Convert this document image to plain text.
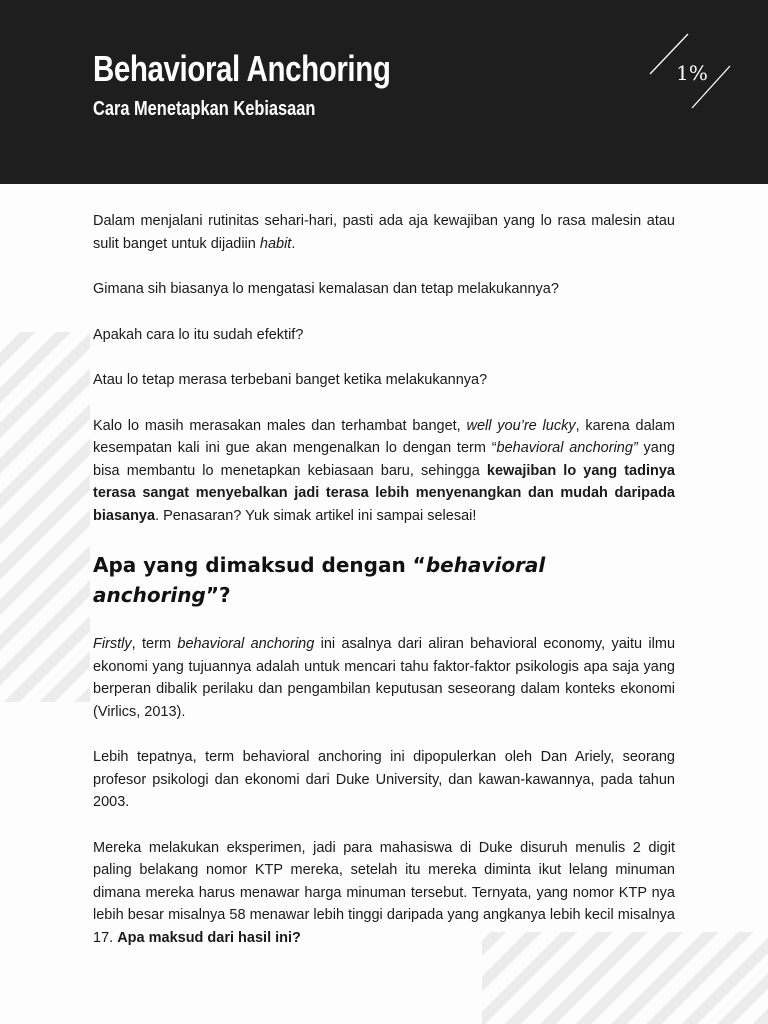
Behavioral Anchoring
Cara Menetapkan Kebiasaan
1%

Dalam menjalani rutinitas sehari-hari, pasti ada aja kewajiban yang lo rasa malesin atau sulit banget untuk dijadiin habit.

Gimana sih biasanya lo mengatasi kemalasan dan tetap melakukannya?

Apakah cara lo itu sudah efektif?

Atau lo tetap merasa terbebani banget ketika melakukannya?

Kalo lo masih merasakan males dan terhambat banget, well you’re lucky, karena dalam kesempatan kali ini gue akan mengenalkan lo dengan term “behavioral anchoring” yang bisa membantu lo menetapkan kebiasaan baru, sehingga kewajiban lo yang tadinya terasa sangat menyebalkan jadi terasa lebih menyenangkan dan mudah daripada biasanya. Penasaran? Yuk simak artikel ini sampai selesai!

Apa yang dimaksud dengan “behavioral anchoring”?

Firstly, term behavioral anchoring ini asalnya dari aliran behavioral economy, yaitu ilmu ekonomi yang tujuannya adalah untuk mencari tahu faktor-faktor psikologis apa saja yang berperan dibalik perilaku dan pengambilan keputusan seseorang dalam konteks ekonomi (Virlics, 2013).

Lebih tepatnya, term behavioral anchoring ini dipopulerkan oleh Dan Ariely, seorang profesor psikologi dan ekonomi dari Duke University, dan kawan-kawannya, pada tahun 2003.

Mereka melakukan eksperimen, jadi para mahasiswa di Duke disuruh menulis 2 digit paling belakang nomor KTP mereka, setelah itu mereka diminta ikut lelang minuman dimana mereka harus menawar harga minuman tersebut. Ternyata, yang nomor KTP nya lebih besar misalnya 58 menawar lebih tinggi daripada yang angkanya lebih kecil misalnya 17. Apa maksud dari hasil ini?
